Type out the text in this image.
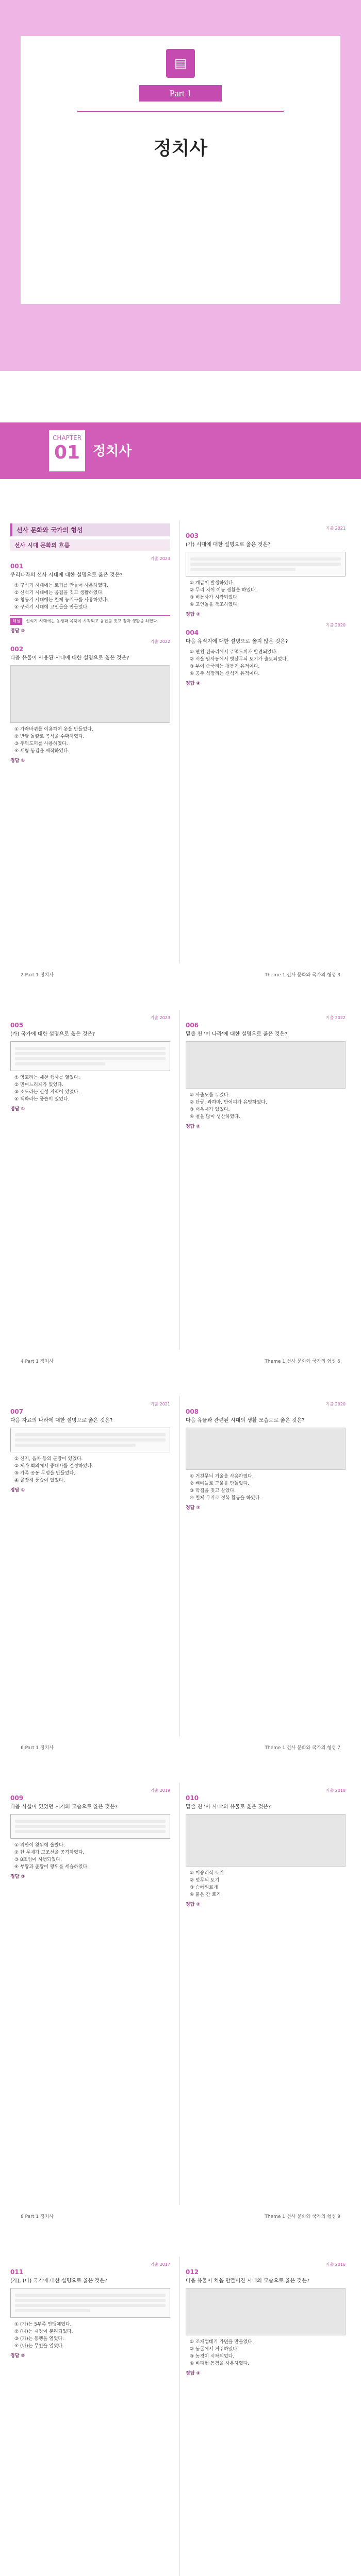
▤
Part 1
정치사
CHAPTER
01 정치사
선사 문화와 국가의 형성
선사 시대 문화의 흐름
기출 2023
001
우리나라의 선사 시대에 대한 설명으로 옳은 것은?
① 구석기 시대에는 토기를 만들어 사용하였다.
② 신석기 시대에는 움집을 짓고 생활하였다.
③ 청동기 시대에는 철제 농기구를 사용하였다.
④ 구석기 시대에 고인돌을 만들었다.
해설 신석기 시대에는 농경과 목축이 시작되고 움집을 짓고 정착 생활을 하였다.
정답 ②
기출 2022
002
다음 유물이 사용된 시대에 대한 설명으로 옳은 것은?
① 가락바퀴를 이용하여 옷을 만들었다.
② 반달 돌칼로 곡식을 수확하였다.
③ 주먹도끼를 사용하였다.
④ 세형 동검을 제작하였다.
정답 ①
기출 2021
003
(가) 시대에 대한 설명으로 옳은 것은?
① 계급이 발생하였다.
② 무리 지어 이동 생활을 하였다.
③ 벼농사가 시작되었다.
④ 고인돌을 축조하였다.
정답 ②
기출 2020
004
다음 유적지에 대한 설명으로 옳지 않은 것은?
① 연천 전곡리에서 주먹도끼가 발견되었다.
② 서울 암사동에서 빗살무늬 토기가 출토되었다.
③ 부여 송국리는 청동기 유적이다.
④ 공주 석장리는 신석기 유적이다.
정답 ④
2 Part 1 정치사	Theme 1 선사 문화와 국가의 형성 3
기출 2023
005
(가) 국가에 대한 설명으로 옳은 것은?
① 영고라는 제천 행사를 열었다.
② 민며느리제가 있었다.
③ 소도라는 신성 지역이 있었다.
④ 책화라는 풍습이 있었다.
정답 ①
기출 2022
006
밑줄 친 '이 나라'에 대한 설명으로 옳은 것은?
① 사출도를 두었다.
② 단궁, 과하마, 반어피가 유명하였다.
③ 서옥제가 있었다.
④ 철을 많이 생산하였다.
정답 ②
4 Part 1 정치사	Theme 1 선사 문화와 국가의 형성 5
기출 2021
007
다음 자료의 나라에 대한 설명으로 옳은 것은?
① 신지, 읍차 등의 군장이 있었다.
② 제가 회의에서 중대사를 결정하였다.
③ 가족 공동 무덤을 만들었다.
④ 골장제 풍습이 있었다.
정답 ①
기출 2020
008
다음 유물과 관련된 시대의 생활 모습으로 옳은 것은?
① 거친무늬 거울을 사용하였다.
② 뼈바늘로 그물을 만들었다.
③ 막집을 짓고 살았다.
④ 철제 무기로 정복 활동을 하였다.
정답 ①
6 Part 1 정치사	Theme 1 선사 문화와 국가의 형성 7
기출 2019
009
다음 사실이 있었던 시기의 모습으로 옳은 것은?
① 위만이 왕위에 올랐다.
② 한 무제가 고조선을 공격하였다.
③ 8조법이 시행되었다.
④ 부왕과 준왕이 왕위를 세습하였다.
정답 ③
기출 2018
010
밑줄 친 '이 시대'의 유물로 옳은 것은?
① 미송리식 토기
② 덧무늬 토기
③ 슴베찌르개
④ 붉은 간 토기
정답 ②
8 Part 1 정치사	Theme 1 선사 문화와 국가의 형성 9
기출 2017
011
(가), (나) 국가에 대한 설명으로 옳은 것은?
① (가)는 5부족 연맹체였다.
② (나)는 제정이 분리되었다.
③ (가)는 동맹을 열었다.
④ (나)는 무천을 열었다.
정답 ②
기출 2016
012
다음 유물이 처음 만들어진 시대의 모습으로 옳은 것은?
① 조개껍데기 가면을 만들었다.
② 동굴에서 거주하였다.
③ 농경이 시작되었다.
④ 비파형 동검을 사용하였다.
정답 ④
